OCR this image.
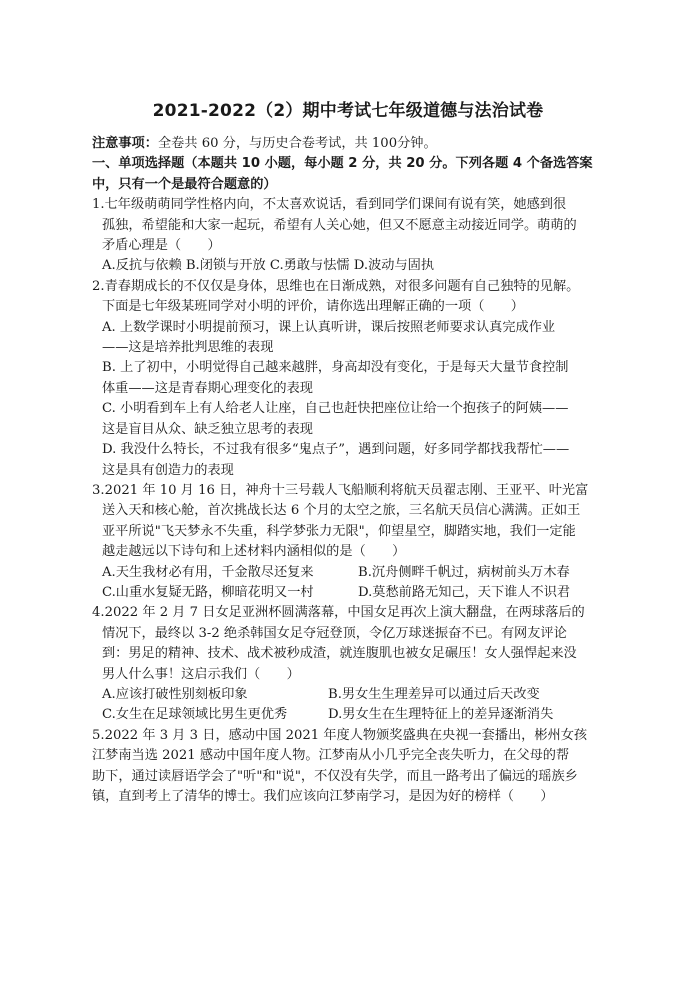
2021-2022（2）期中考试七年级道德与法治试卷
注意事项：全卷共 60 分，与历史合卷考试，共 100分钟。
一、单项选择题（本题共 10 小题，每小题 2 分，共 20 分。下列各题 4 个备选答案
中，只有一个是最符合题意的）
1.七年级萌萌同学性格内向，不太喜欢说话，看到同学们课间有说有笑，她感到很
孤独，希望能和大家一起玩，希望有人关心她，但又不愿意主动接近同学。萌萌的
矛盾心理是（　　）
A.反抗与依赖 B.闭锁与开放 C.勇敢与怯懦 D.波动与固执
2.青春期成长的不仅仅是身体，思维也在日渐成熟，对很多问题有自己独特的见解。
下面是七年级某班同学对小明的评价，请你选出理解正确的一项（　　）
A. 上数学课时小明提前预习，课上认真听讲，课后按照老师要求认真完成作业
——这是培养批判思维的表现
B. 上了初中，小明觉得自己越来越胖，身高却没有变化，于是每天大量节食控制
体重——这是青春期心理变化的表现
C. 小明看到车上有人给老人让座，自己也赶快把座位让给一个抱孩子的阿姨——
这是盲目从众、缺乏独立思考的表现
D. 我没什么特长，不过我有很多“鬼点子”，遇到问题，好多同学都找我帮忙——
这是具有创造力的表现
3.2021 年 10 月 16 日，神舟十三号载人飞船顺利将航天员翟志刚、王亚平、叶光富
送入天和核心舱，首次挑战长达 6 个月的太空之旅，三名航天员信心满满。正如王
亚平所说"飞天梦永不失重，科学梦张力无限"，仰望星空，脚踏实地，我们一定能
越走越远以下诗句和上述材料内涵相似的是（　　）
A.天生我材必有用，千金散尽还复来	B.沉舟侧畔千帆过，病树前头万木春
C.山重水复疑无路，柳暗花明又一村	D.莫愁前路无知己，天下谁人不识君
4.2022 年 2 月 7 日女足亚洲杯圆满落幕，中国女足再次上演大翻盘，在两球落后的
情况下，最终以 3-2 绝杀韩国女足夺冠登顶，令亿万球迷振奋不已。有网友评论
到：男足的精神、技术、战术被秒成渣，就连腹肌也被女足碾压！女人强悍起来没
男人什么事！这启示我们（　　）
A.应该打破性别刻板印象	B.男女生生理差异可以通过后天改变
C.女生在足球领域比男生更优秀	D.男女生在生理特征上的差异逐渐消失
5.2022 年 3 月 3 日，感动中国 2021 年度人物颁奖盛典在央视一套播出，彬州女孩
江梦南当选 2021 感动中国年度人物。江梦南从小几乎完全丧失听力，在父母的帮
助下，通过读唇语学会了"听"和"说"，不仅没有失学，而且一路考出了偏远的瑶族乡
镇，直到考上了清华的博士。我们应该向江梦南学习，是因为好的榜样（　　）
